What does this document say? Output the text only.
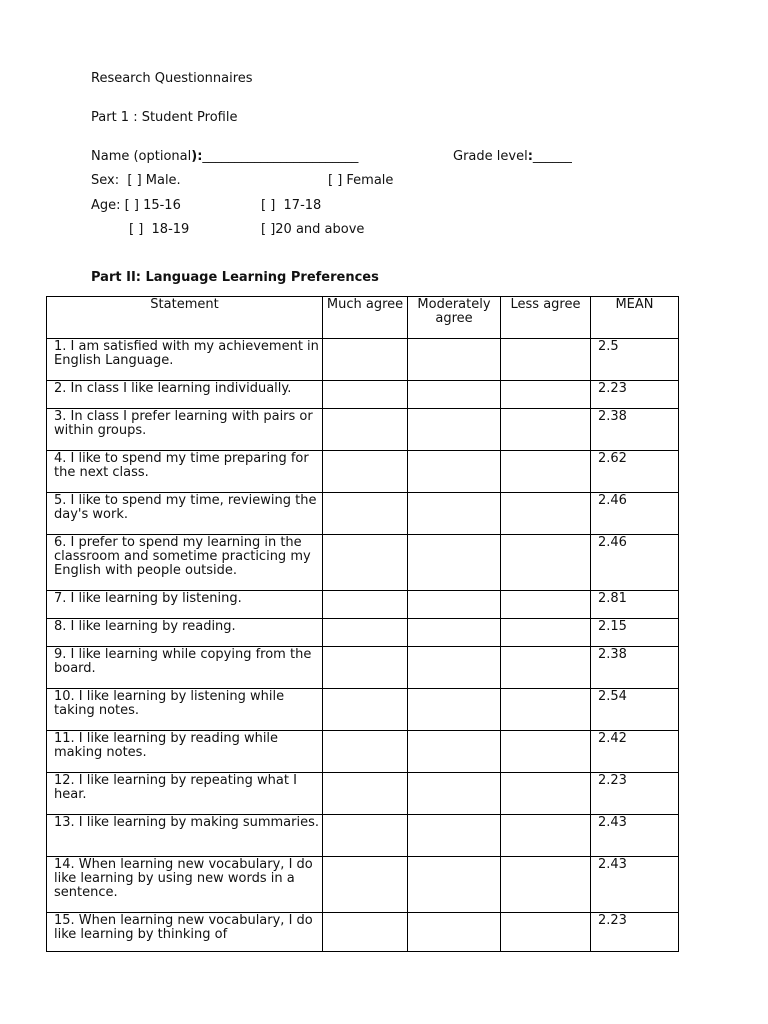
Research Questionnaires
Part 1 : Student Profile
Name (optional):________________________	Grade level:______
Sex:  [ ] Male.	[ ] Female
Age: [ ] 15-16	[ ]  17-18
[ ]  18-19	[ ]20 and above
Part II: Language Learning Preferences
Statement	Much agree	Moderately agree	Less agree	MEAN
1. I am satisfied with my achievement in English Language.				2.5
2. In class I like learning individually.				2.23
3. In class I prefer learning with pairs or within groups.				2.38
4. I like to spend my time preparing for the next class.				2.62
5. I like to spend my time, reviewing the day's work.				2.46
6. I prefer to spend my learning in the classroom and sometime practicing my English with people outside.				2.46
7. I like learning by listening.				2.81
8. I like learning by reading.				2.15
9. I like learning while copying from the board.				2.38
10. I like learning by listening while taking notes.				2.54
11. I like learning by reading while making notes.				2.42
12. I like learning by repeating what I hear.				2.23
13. I like learning by making summaries.				2.43
14. When learning new vocabulary, I do like learning by using new words in a sentence.				2.43
15. When learning new vocabulary, I do like learning by thinking of				2.23
